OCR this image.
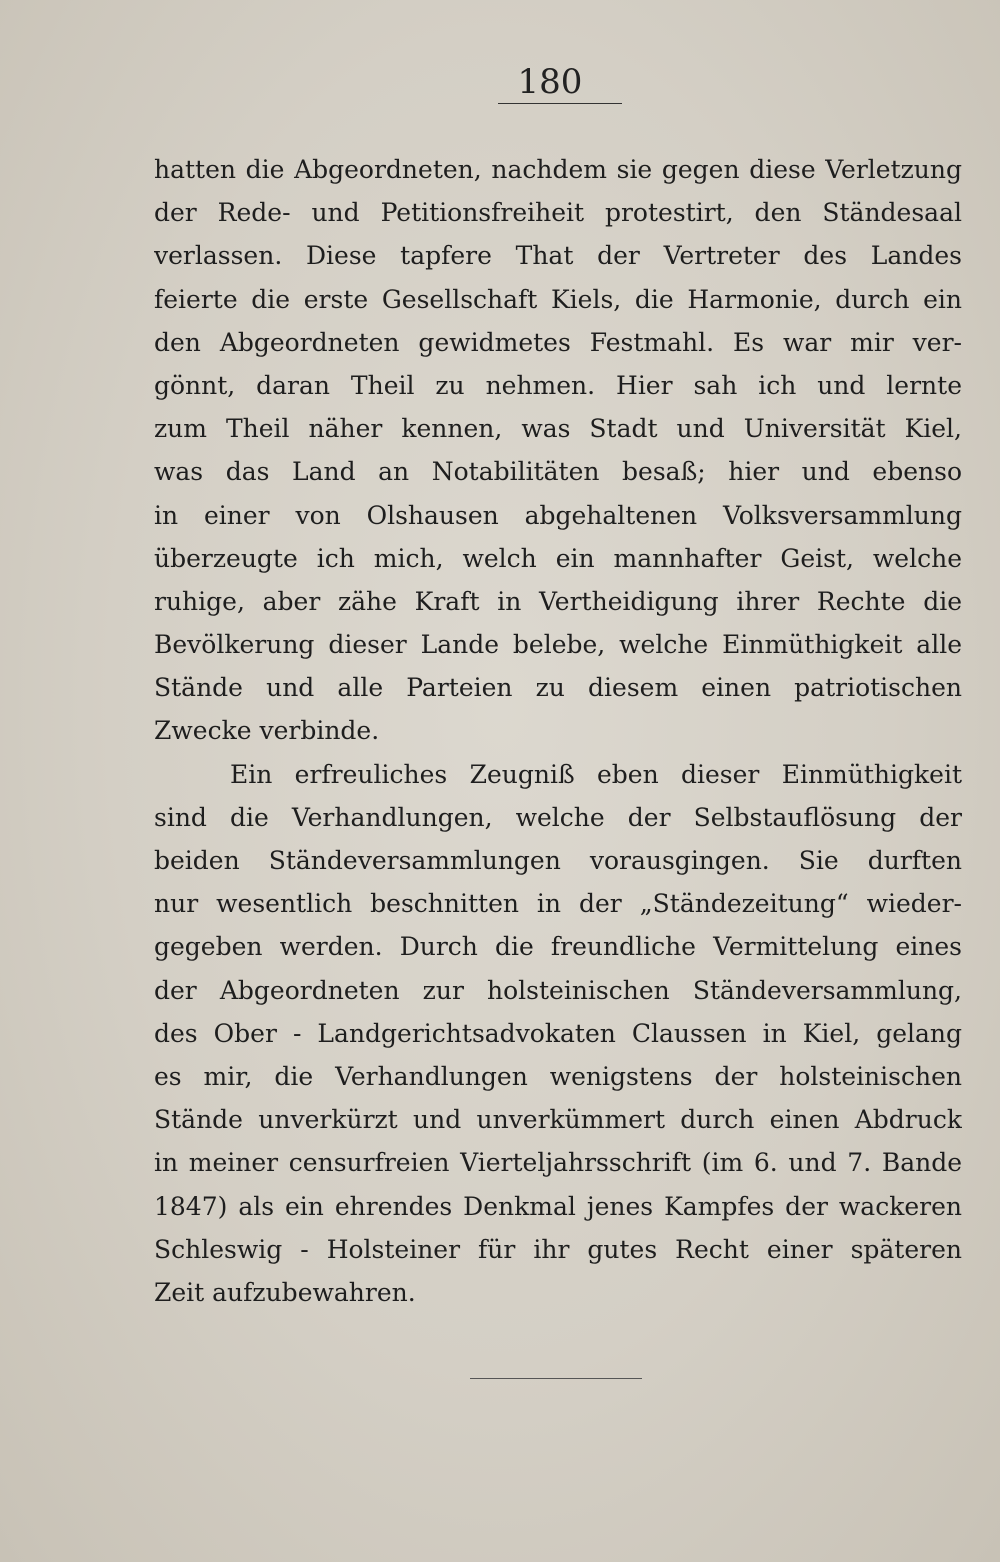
180
hatten die Abgeordneten, nachdem sie gegen diese Verletzung
der Rede- und Petitionsfreiheit protestirt, den Ständesaal
verlassen. Diese tapfere That der Vertreter des Landes
feierte die erste Gesellschaft Kiels, die Harmonie, durch ein
den Abgeordneten gewidmetes Festmahl. Es war mir ver-
gönnt, daran Theil zu nehmen. Hier sah ich und lernte
zum Theil näher kennen, was Stadt und Universität Kiel,
was das Land an Notabilitäten besaß; hier und ebenso
in einer von Olshausen abgehaltenen Volksversammlung
überzeugte ich mich, welch ein mannhafter Geist, welche
ruhige, aber zähe Kraft in Vertheidigung ihrer Rechte die
Bevölkerung dieser Lande belebe, welche Einmüthigkeit alle
Stände und alle Parteien zu diesem einen patriotischen
Zwecke verbinde.
Ein erfreuliches Zeugniß eben dieser Einmüthigkeit
sind die Verhandlungen, welche der Selbstauflösung der
beiden Ständeversammlungen vorausgingen. Sie durften
nur wesentlich beschnitten in der „Ständezeitung“ wieder-
gegeben werden. Durch die freundliche Vermittelung eines
der Abgeordneten zur holsteinischen Ständeversammlung,
des Ober - Landgerichtsadvokaten Claussen in Kiel, gelang
es mir, die Verhandlungen wenigstens der holsteinischen
Stände unverkürzt und unverkümmert durch einen Abdruck
in meiner censurfreien Vierteljahrsschrift (im 6. und 7. Bande
1847) als ein ehrendes Denkmal jenes Kampfes der wackeren
Schleswig - Holsteiner für ihr gutes Recht einer späteren
Zeit aufzubewahren.
